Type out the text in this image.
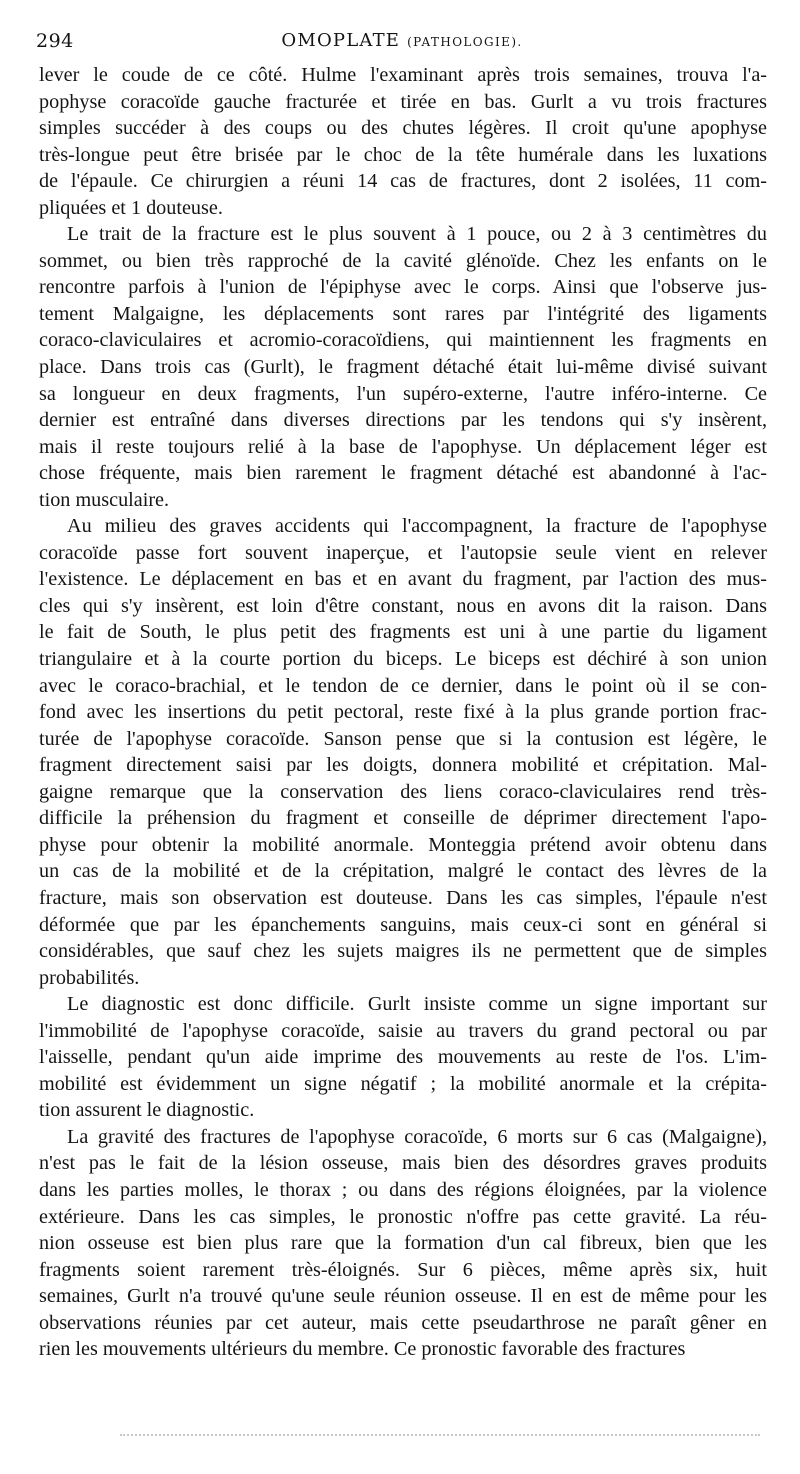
294	OMOPLATE (PATHOLOGIE).
lever le coude de ce côté. Hulme l'examinant après trois semaines, trouva l'a-
pophyse coracoïde gauche fracturée et tirée en bas. Gurlt a vu trois fractures
simples succéder à des coups ou des chutes légères. Il croit qu'une apophyse
très-longue peut être brisée par le choc de la tête humérale dans les luxations
de l'épaule. Ce chirurgien a réuni 14 cas de fractures, dont 2 isolées, 11 com-
pliquées et 1 douteuse.
Le trait de la fracture est le plus souvent à 1 pouce, ou 2 à 3 centimètres du
sommet, ou bien très rapproché de la cavité glénoïde. Chez les enfants on le
rencontre parfois à l'union de l'épiphyse avec le corps. Ainsi que l'observe jus-
tement Malgaigne, les déplacements sont rares par l'intégrité des ligaments
coraco-claviculaires et acromio-coracoïdiens, qui maintiennent les fragments en
place. Dans trois cas (Gurlt), le fragment détaché était lui-même divisé suivant
sa longueur en deux fragments, l'un supéro-externe, l'autre inféro-interne. Ce
dernier est entraîné dans diverses directions par les tendons qui s'y insèrent,
mais il reste toujours relié à la base de l'apophyse. Un déplacement léger est
chose fréquente, mais bien rarement le fragment détaché est abandonné à l'ac-
tion musculaire.
Au milieu des graves accidents qui l'accompagnent, la fracture de l'apophyse
coracoïde passe fort souvent inaperçue, et l'autopsie seule vient en relever
l'existence. Le déplacement en bas et en avant du fragment, par l'action des mus-
cles qui s'y insèrent, est loin d'être constant, nous en avons dit la raison. Dans
le fait de South, le plus petit des fragments est uni à une partie du ligament
triangulaire et à la courte portion du biceps. Le biceps est déchiré à son union
avec le coraco-brachial, et le tendon de ce dernier, dans le point où il se con-
fond avec les insertions du petit pectoral, reste fixé à la plus grande portion frac-
turée de l'apophyse coracoïde. Sanson pense que si la contusion est légère, le
fragment directement saisi par les doigts, donnera mobilité et crépitation. Mal-
gaigne remarque que la conservation des liens coraco-claviculaires rend très-
difficile la préhension du fragment et conseille de déprimer directement l'apo-
physe pour obtenir la mobilité anormale. Monteggia prétend avoir obtenu dans
un cas de la mobilité et de la crépitation, malgré le contact des lèvres de la
fracture, mais son observation est douteuse. Dans les cas simples, l'épaule n'est
déformée que par les épanchements sanguins, mais ceux-ci sont en général si
considérables, que sauf chez les sujets maigres ils ne permettent que de simples
probabilités.
Le diagnostic est donc difficile. Gurlt insiste comme un signe important sur
l'immobilité de l'apophyse coracoïde, saisie au travers du grand pectoral ou par
l'aisselle, pendant qu'un aide imprime des mouvements au reste de l'os. L'im-
mobilité est évidemment un signe négatif ; la mobilité anormale et la crépita-
tion assurent le diagnostic.
La gravité des fractures de l'apophyse coracoïde, 6 morts sur 6 cas (Malgaigne),
n'est pas le fait de la lésion osseuse, mais bien des désordres graves produits
dans les parties molles, le thorax ; ou dans des régions éloignées, par la violence
extérieure. Dans les cas simples, le pronostic n'offre pas cette gravité. La réu-
nion osseuse est bien plus rare que la formation d'un cal fibreux, bien que les
fragments soient rarement très-éloignés. Sur 6 pièces, même après six, huit
semaines, Gurlt n'a trouvé qu'une seule réunion osseuse. Il en est de même pour les
observations réunies par cet auteur, mais cette pseudarthrose ne paraît gêner en
rien les mouvements ultérieurs du membre. Ce pronostic favorable des fractures
